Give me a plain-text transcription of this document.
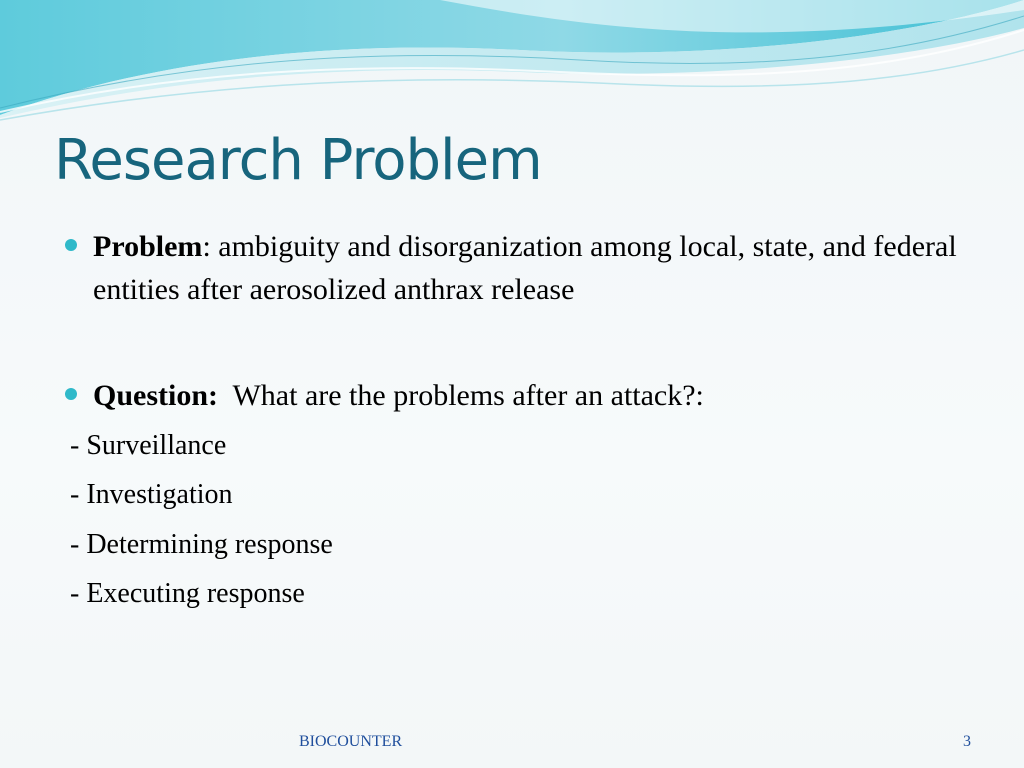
Research Problem
Problem: ambiguity and disorganization among local, state, and federal entities after aerosolized anthrax release
Question:  What are the problems after an attack?:
- Surveillance
- Investigation
- Determining response
- Executing response
BIOCOUNTER	3
